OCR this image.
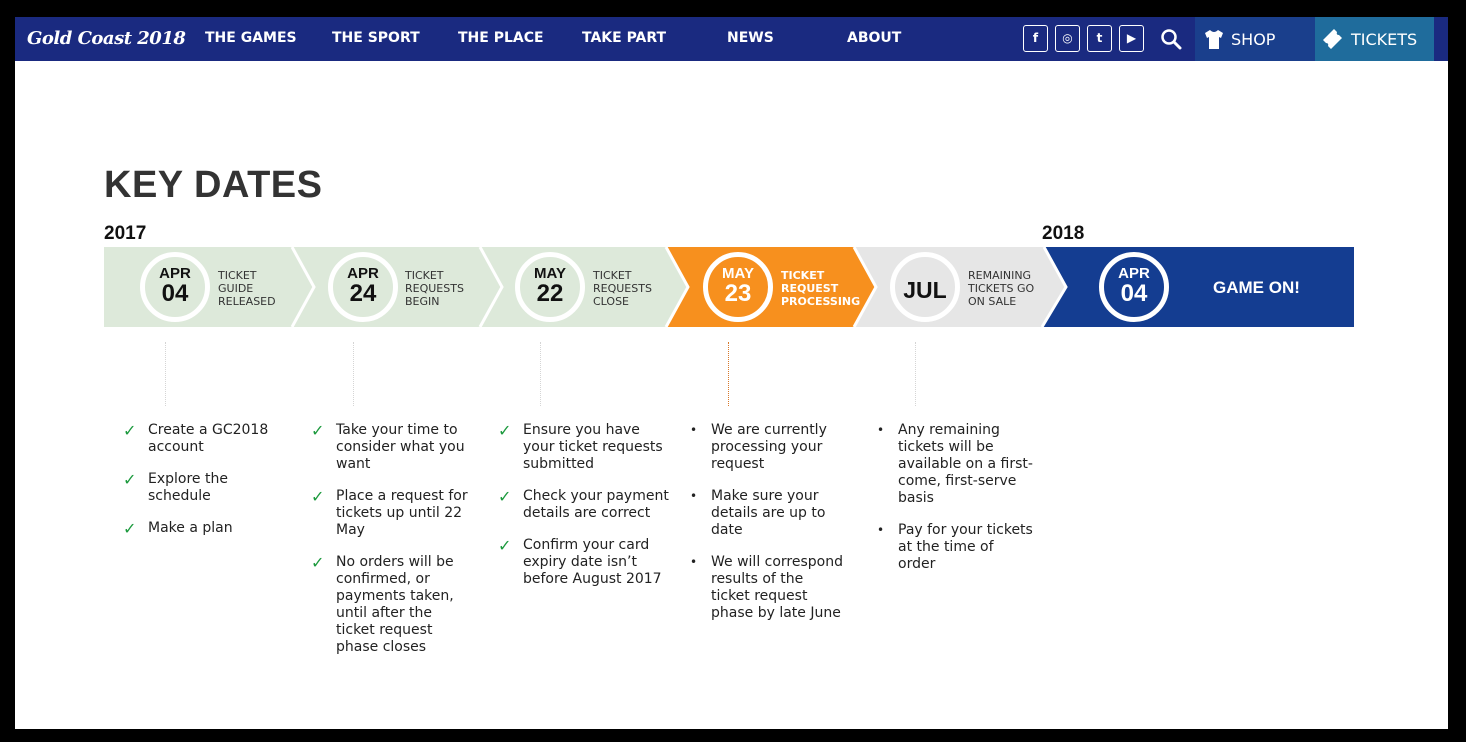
Gold Coast 2018 THE GAMES	THE SPORT	THE PLACE	TAKE PART	NEWS	ABOUT	f	◎	t	▶	SHOP	TICKETS
KEY DATES
2017	2018
APR
04
TICKET
GUIDE
RELEASED
APR
24
TICKET
REQUESTS
BEGIN
MAY
22
TICKET
REQUESTS
CLOSE
MAY
23
TICKET
REQUEST
PROCESSING	JUL
REMAINING
TICKETS GO
ON SALE
APR
04	GAME ON!
✓ Create a GC2018 account
✓ Explore the schedule
✓ Make a plan
✓ Take your time to consider what you want
✓ Place a request for tickets up until 22 May
✓ No orders will be confirmed, or payments taken, until after the ticket request phase closes
✓ Ensure you have your ticket requests submitted
✓ Check your payment details are correct
✓ Confirm your card expiry date isn’t before August 2017
• We are currently processing your request
• Make sure your details are up to date
• We will correspond results of the ticket request phase by late June
• Any remaining tickets will be available on a first-come, first-serve basis
• Pay for your tickets at the time of order
